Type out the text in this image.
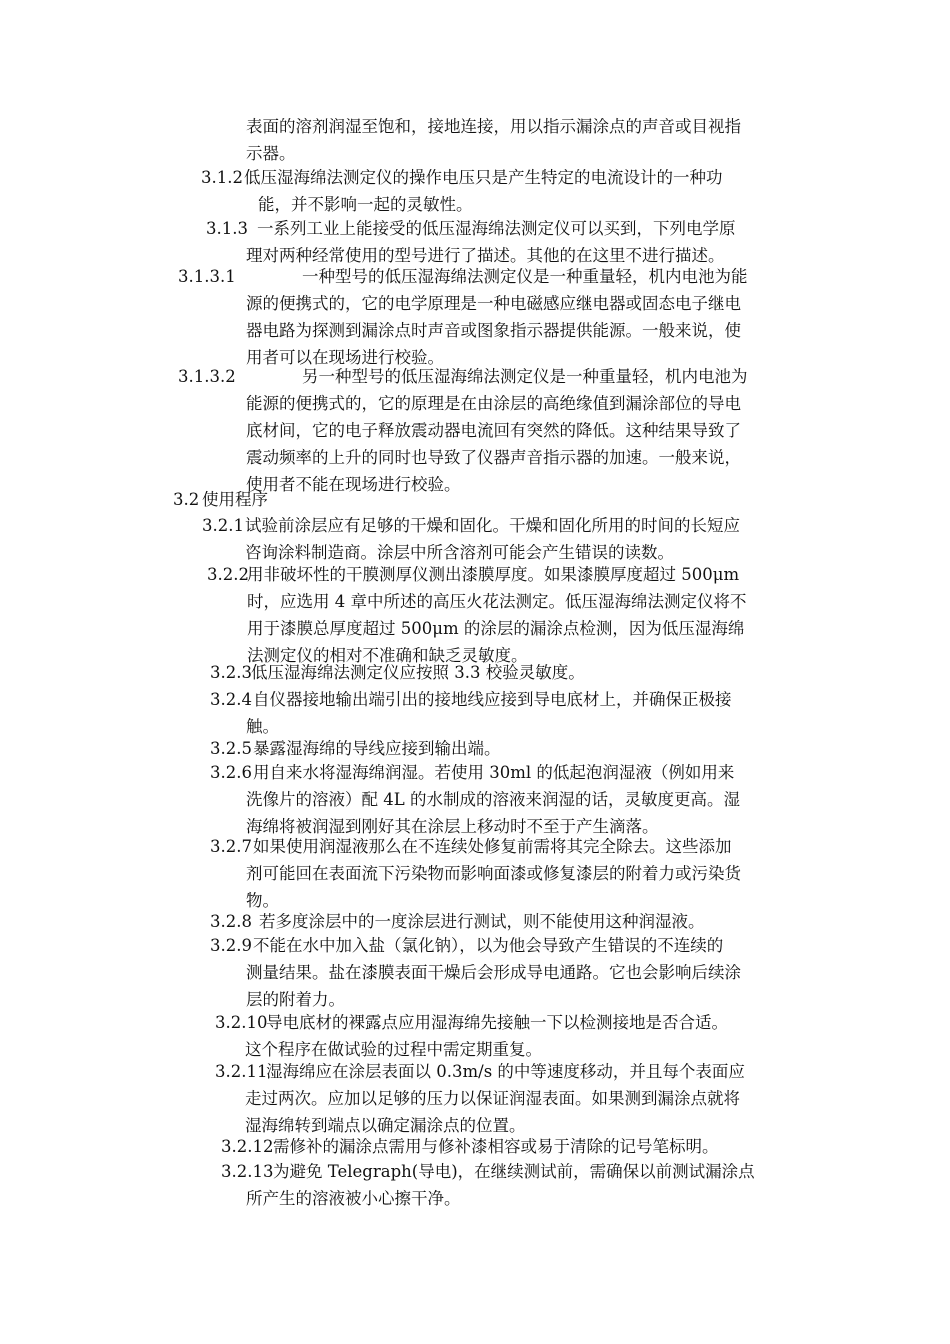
表面的溶剂润湿至饱和，接地连接，用以指示漏涂点的声音或目视指
示器。
3.1.2 低压湿海绵法测定仪的操作电压只是产生特定的电流设计的一种功
能，并不影响一起的灵敏性。
3.1.3 一系列工业上能接受的低压湿海绵法测定仪可以买到，下列电学原
理对两种经常使用的型号进行了描述。其他的在这里不进行描述。
3.1.3.1	一种型号的低压湿海绵法测定仪是一种重量轻，机内电池为能
源的便携式的，它的电学原理是一种电磁感应继电器或固态电子继电
器电路为探测到漏涂点时声音或图象指示器提供能源。一般来说，使
用者可以在现场进行校验。
3.1.3.2	另一种型号的低压湿海绵法测定仪是一种重量轻，机内电池为
能源的便携式的，它的原理是在由涂层的高绝缘值到漏涂部位的导电
底材间，它的电子释放震动器电流回有突然的降低。这种结果导致了
震动频率的上升的同时也导致了仪器声音指示器的加速。一般来说，
使用者不能在现场进行校验。
3.2 使用程序
3.2.1 试验前涂层应有足够的干燥和固化。干燥和固化所用的时间的长短应
咨询涂料制造商。涂层中所含溶剂可能会产生错误的读数。
3.2.2
用非破坏性的干膜测厚仪测出漆膜厚度。如果漆膜厚度超过 500μm
时，应选用 4 章中所述的高压火花法测定。低压湿海绵法测定仪将不
用于漆膜总厚度超过 500μm 的涂层的漏涂点检测，因为低压湿海绵
法测定仪的相对不准确和缺乏灵敏度。
3.2.3 低压湿海绵法测定仪应按照 3.3 校验灵敏度。
3.2.4 自仪器接地输出端引出的接地线应接到导电底材上，并确保正极接
触。
3.2.5 暴露湿海绵的导线应接到输出端。
3.2.6 用自来水将湿海绵润湿。若使用 30ml 的低起泡润湿液（例如用来
洗像片的溶液）配 4L 的水制成的溶液来润湿的话，灵敏度更高。湿
海绵将被润湿到刚好其在涂层上移动时不至于产生滴落。
3.2.7 如果使用润湿液那么在不连续处修复前需将其完全除去。这些添加
剂可能回在表面流下污染物而影响面漆或修复漆层的附着力或污染货
物。
3.2.8 若多度涂层中的一度涂层进行测试，则不能使用这种润湿液。
3.2.9 不能在水中加入盐（氯化钠），以为他会导致产生错误的不连续的
测量结果。盐在漆膜表面干燥后会形成导电通路。它也会影响后续涂
层的附着力。
3.2.10
导电底材的裸露点应用湿海绵先接触一下以检测接地是否合适。
这个程序在做试验的过程中需定期重复。
3.2.11
湿海绵应在涂层表面以 0.3m/s 的中等速度移动，并且每个表面应
走过两次。应加以足够的压力以保证润湿表面。如果测到漏涂点就将
湿海绵转到端点以确定漏涂点的位置。
3.2.12 需修补的漏涂点需用与修补漆相容或易于清除的记号笔标明。
3.2.13 为避免 Telegraph(导电)，在继续测试前，需确保以前测试漏涂点
所产生的溶液被小心擦干净。
